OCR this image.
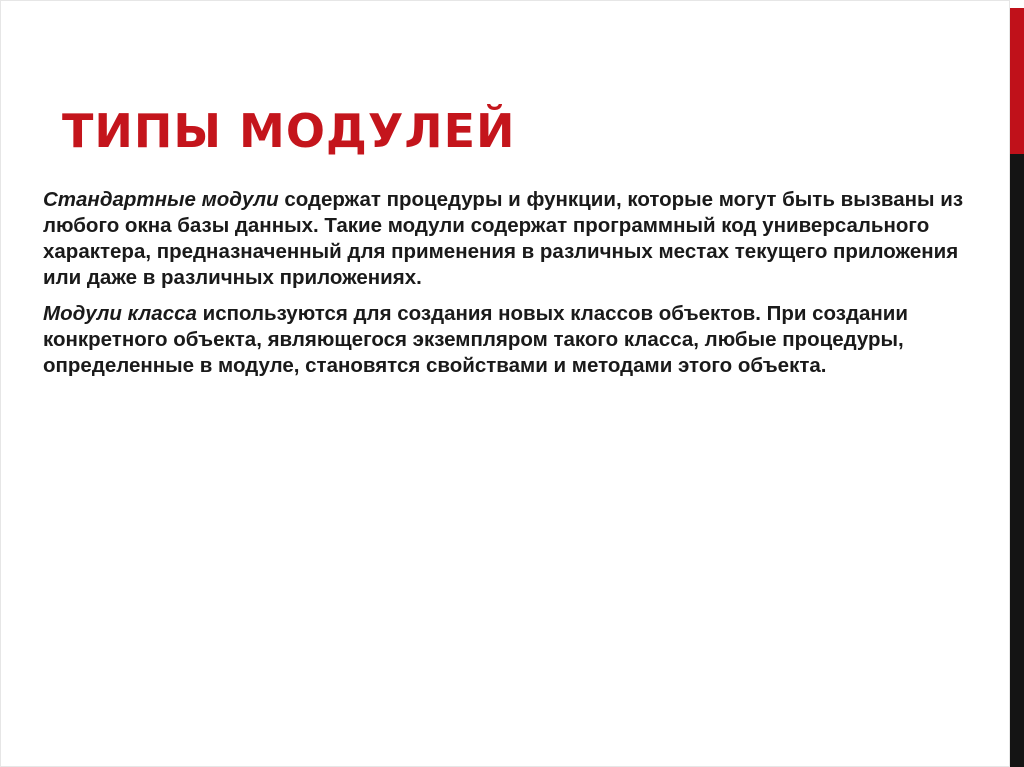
ТИПЫ МОДУЛЕЙ

Стандартные модули содержат процедуры и функции, которые могут быть вызваны из любого окна базы данных. Такие модули содержат программный код универсального характера, предназначенный для применения в различных местах текущего приложения или даже в различных приложениях.

Модули класса используются для создания новых классов объектов. При создании конкретного объекта, являющегося экземпляром такого класса, любые процедуры, определенные в модуле, становятся свойствами и методами этого объекта.
